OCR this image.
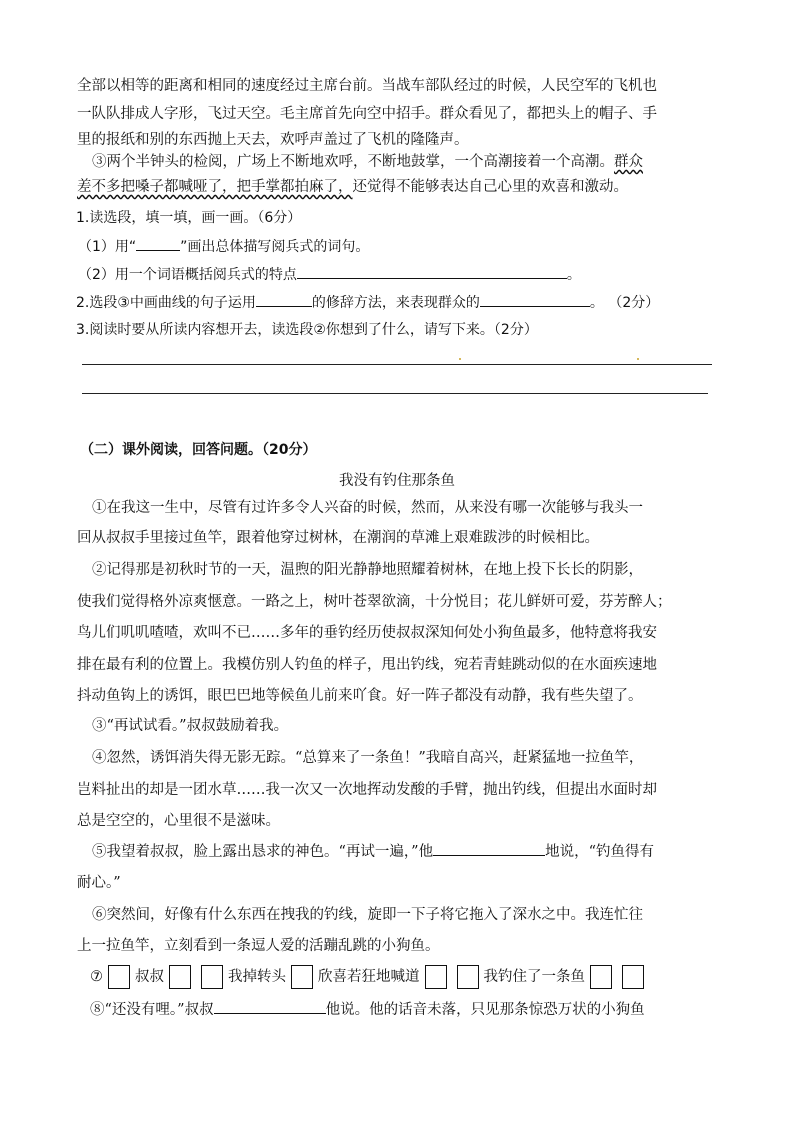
全部以相等的距离和相同的速度经过主席台前。当战车部队经过的时候，人民空军的飞机也
一队队排成人字形，飞过天空。毛主席首先向空中招手。群众看见了，都把头上的帽子、手
里的报纸和别的东西抛上天去，欢呼声盖过了飞机的隆隆声。
③两个半钟头的检阅，广场上不断地欢呼，不断地鼓掌，一个高潮接着一个高潮。群众
差不多把嗓子都喊哑了，把手掌都拍麻了，还觉得不能够表达自己心里的欢喜和激动。
1.读选段，填一填，画一画。（6分）
（1）用“	”画出总体描写阅兵式的词句。
（2）用一个词语概括阅兵式的特点	。
2.选段③中画曲线的句子运用	的修辞方法，来表现群众的	。 （2分）
3.阅读时要从所读内容想开去，读选段②你想到了什么，请写下来。（2分）
（二）课外阅读，回答问题。（20分）
我没有钓住那条鱼
①在我这一生中，尽管有过许多令人兴奋的时候，然而，从来没有哪一次能够与我头一
回从叔叔手里接过鱼竿，跟着他穿过树林，在潮润的草滩上艰难跋涉的时候相比。
②记得那是初秋时节的一天，温煦的阳光静静地照耀着树林，在地上投下长长的阴影，
使我们觉得格外凉爽惬意。一路之上，树叶苍翠欲滴，十分悦目；花儿鲜妍可爱，芬芳醉人；
鸟儿们叽叽喳喳，欢叫不已……多年的垂钓经历使叔叔深知何处小狗鱼最多，他特意将我安
排在最有利的位置上。我模仿别人钓鱼的样子，甩出钓线，宛若青蛙跳动似的在水面疾速地
抖动鱼钩上的诱饵，眼巴巴地等候鱼儿前来吖食。好一阵子都没有动静，我有些失望了。
③“再试试看。”叔叔鼓励着我。
④忽然，诱饵消失得无影无踪。“总算来了一条鱼！”我暗自高兴，赶紧猛地一拉鱼竿，
岂料扯出的却是一团水草……我一次又一次地挥动发酸的手臂，抛出钓线，但提出水面时却
总是空空的，心里很不是滋味。
⑤我望着叔叔，脸上露出恳求的神色。“再试一遍，”他	地说，“钓鱼得有
耐心。”
⑥突然间，好像有什么东西在拽我的钓线，旋即一下子将它拖入了深水之中。我连忙往
上一拉鱼竿，立刻看到一条逗人爱的活蹦乱跳的小狗鱼。
⑦ 叔叔	我掉转头 欣喜若狂地喊道	我钓住了一条鱼
⑧“还没有哩。”叔叔	他说。他的话音未落，只见那条惊恐万状的小狗鱼
